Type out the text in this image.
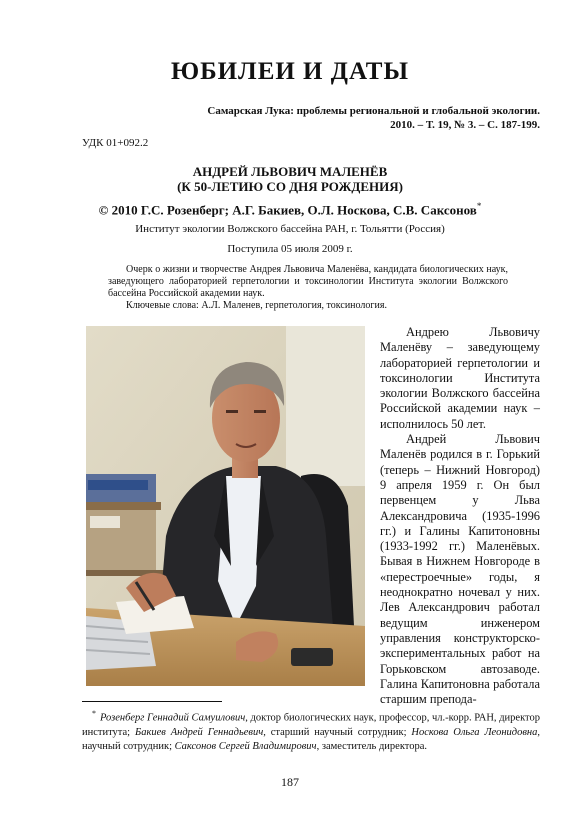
ЮБИЛЕИ И ДАТЫ
Самарская Лука: проблемы региональной и глобальной экологии.
2010. – Т. 19, № 3. – С. 187-199.
УДК 01+092.2
АНДРЕЙ ЛЬВОВИЧ МАЛЕНЁВ
(К 50-ЛЕТИЮ СО ДНЯ РОЖДЕНИЯ)
© 2010 Г.С. Розенберг; А.Г. Бакиев, О.Л. Носкова, С.В. Саксонов*
Институт экологии Волжского бассейна РАН, г. Тольятти (Россия)
Поступила 05 июля 2009 г.
Очерк о жизни и творчестве Андрея Львовича Маленёва, кандидата биологических наук, заведующего лабораторией герпетологии и токсинологии Института экологии Волжского бассейна Российской академии наук.
Ключевые слова: А.Л. Маленев, герпетология, токсинология.

Андрею Львовичу Маленёву – заведующему лабораторией герпетологии и токсинологии Института экологии Волжского бассейна Российской академии наук – исполнилось 50 лет.

Андрей Львович Маленёв родился в г. Горький (теперь – Нижний Новгород) 9 апреля 1959 г. Он был первенцем у Льва Александровича (1935-1996 гг.) и Галины Капитоновны (1933-1992 гг.) Маленёвых. Бывая в Нижнем Новгороде в «перестроечные» годы, я неоднократно ночевал у них. Лев Александрович работал ведущим инженером управления конструкторско-экспериментальных работ на Горьковском автозаводе. Галина Капитоновна работала старшим препода-

* Розенберг Геннадий Самуилович, доктор биологических наук, профессор, чл.-корр. РАН, директор института; Бакиев Андрей Геннадьевич, старший научный сотрудник; Носкова Ольга Леонидовна, научный сотрудник; Саксонов Сергей Владимирович, заместитель директора.
187
